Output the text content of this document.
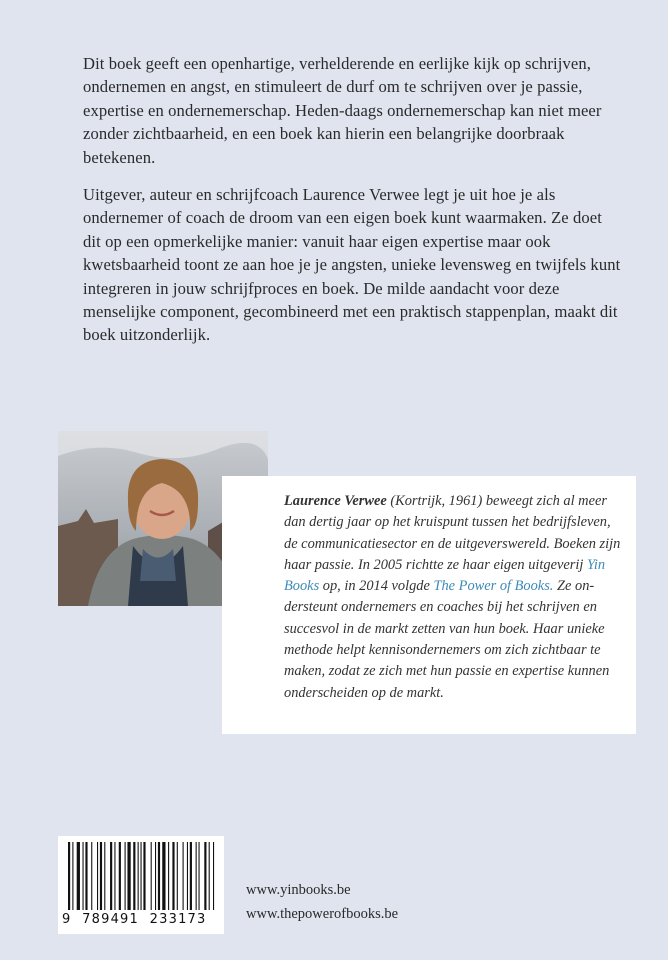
Dit boek geeft een openhartige, verhelderende en eerlijke kijk op schrijven, ondernemen en angst, en stimuleert de durf om te schrijven over je passie, expertise en ondernemerschap. Heden-daags ondernemerschap kan niet meer zonder zichtbaarheid, en een boek kan hierin een belangrijke doorbraak betekenen.

Uitgever, auteur en schrijfcoach Laurence Verwee legt je uit hoe je als ondernemer of coach de droom van een eigen boek kunt waarmaken. Ze doet dit op een opmerkelijke manier: vanuit haar eigen expertise maar ook kwetsbaarheid toont ze aan hoe je je angsten, unieke levensweg en twijfels kunt integreren in jouw schrijfproces en boek. De milde aandacht voor deze menselijke component, gecombineerd met een praktisch stappenplan, maakt dit boek uitzonderlijk.

Laurence Verwee (Kortrijk, 1961) beweegt zich al meer dan dertig jaar op het kruispunt tussen het bedrijfsleven, de communicatiesector en de uitgeverswereld. Boeken zijn haar passie. In 2005 richtte ze haar eigen uitgeverij Yin Books op, in 2014 volgde The Power of Books. Ze on-dersteunt ondernemers en coaches bij het schrijven en succesvol in de markt zetten van hun boek. Haar unieke methode helpt kennisondernemers om zich zichtbaar te maken, zodat ze zich met hun passie en expertise kunnen onderscheiden op de markt.
9 789491 233173
www.yinbooks.be
www.thepowerofbooks.be
